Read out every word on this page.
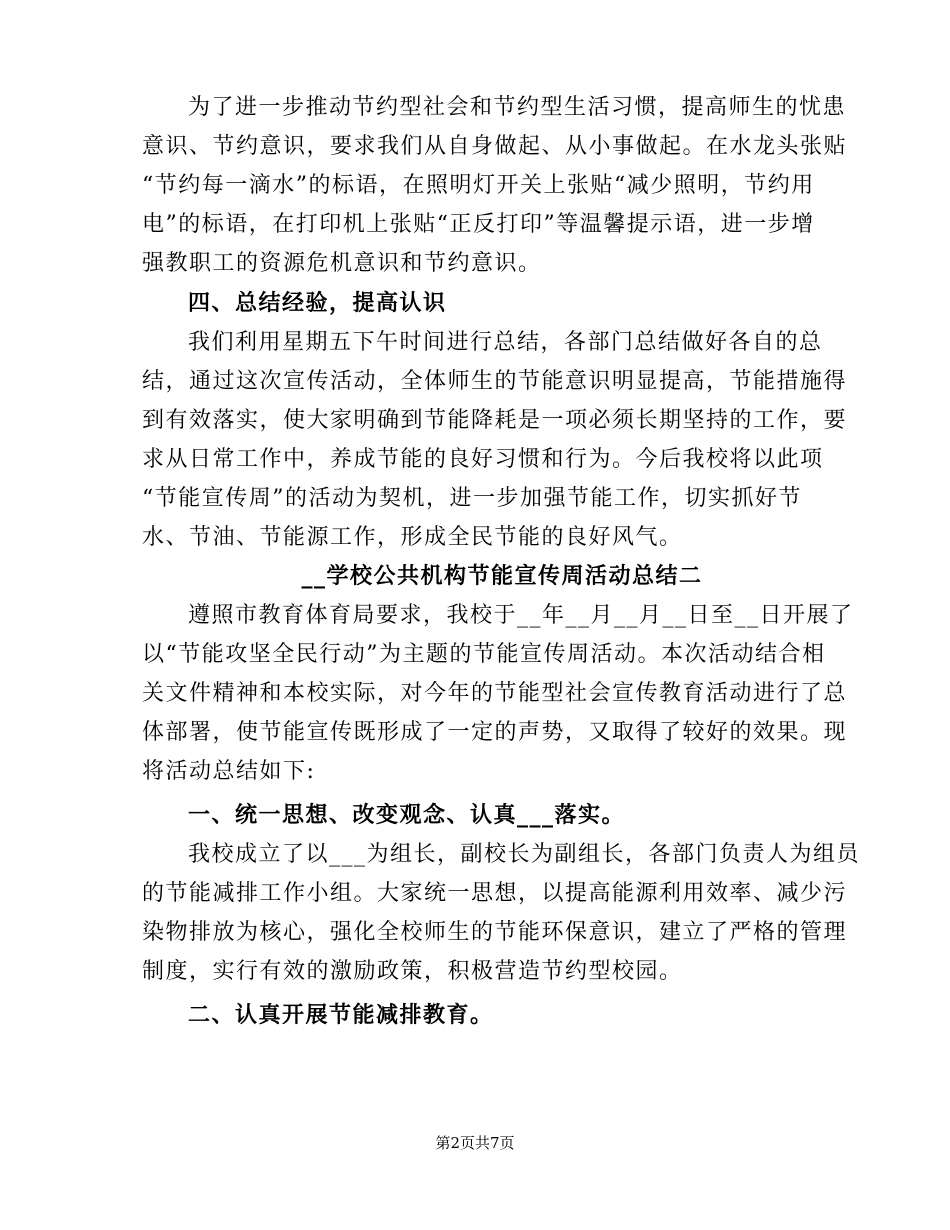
为了进一步推动节约型社会和节约型生活习惯，提高师生的忧患
意识、节约意识，要求我们从自身做起、从小事做起。在水龙头张贴
“节约每一滴水”的标语，在照明灯开关上张贴“减少照明，节约用
电”的标语，在打印机上张贴“正反打印”等温馨提示语，进一步增
强教职工的资源危机意识和节约意识。
四、总结经验，提高认识
我们利用星期五下午时间进行总结，各部门总结做好各自的总
结，通过这次宣传活动，全体师生的节能意识明显提高，节能措施得
到有效落实，使大家明确到节能降耗是一项必须长期坚持的工作，要
求从日常工作中，养成节能的良好习惯和行为。今后我校将以此项
“节能宣传周”的活动为契机，进一步加强节能工作，切实抓好节
水、节油、节能源工作，形成全民节能的良好风气。
__学校公共机构节能宣传周活动总结二
遵照市教育体育局要求，我校于__年__月__月__日至__日开展了
以“节能攻坚全民行动”为主题的节能宣传周活动。本次活动结合相
关文件精神和本校实际，对今年的节能型社会宣传教育活动进行了总
体部署，使节能宣传既形成了一定的声势，又取得了较好的效果。现
将活动总结如下:
一、统一思想、改变观念、认真___落实。
我校成立了以___为组长，副校长为副组长，各部门负责人为组员
的节能减排工作小组。大家统一思想，以提高能源利用效率、减少污
染物排放为核心，强化全校师生的节能环保意识，建立了严格的管理
制度，实行有效的激励政策，积极营造节约型校园。
二、认真开展节能减排教育。
第2页共7页
